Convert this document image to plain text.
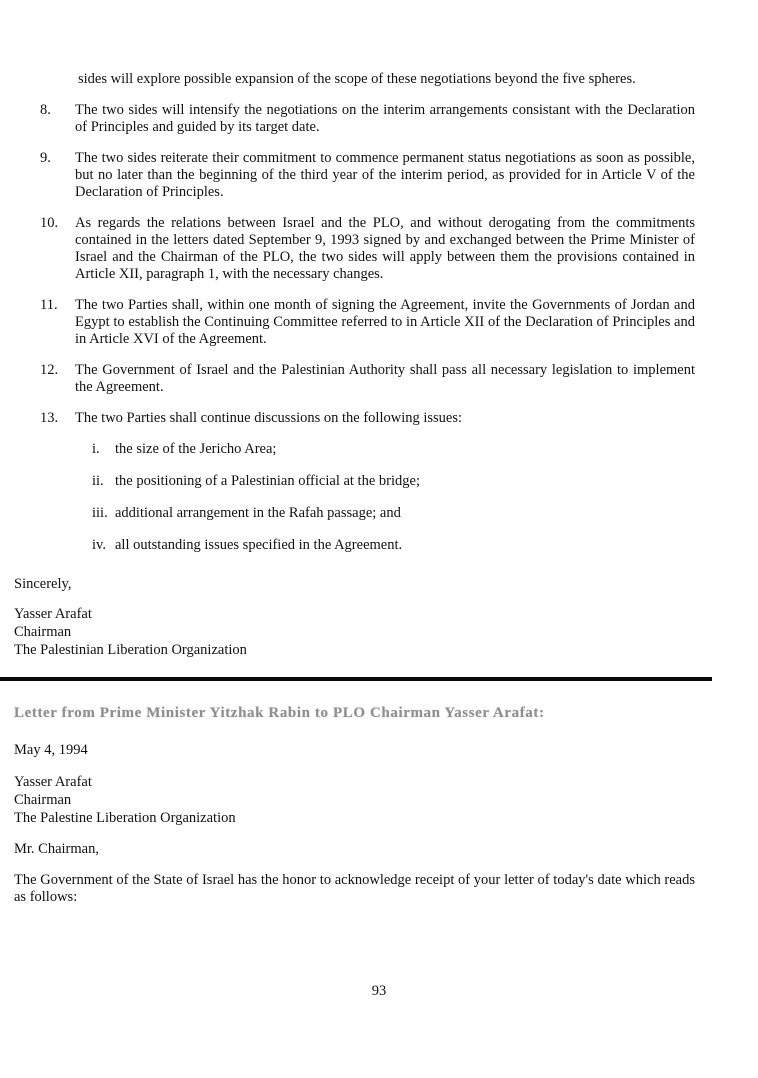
sides will explore possible expansion of the scope of these negotiations beyond the five spheres.

8. The two sides will intensify the negotiations on the interim arrangements consistant with the Declaration of Principles and guided by its target date.
9. The two sides reiterate their commitment to commence permanent status negotiations as soon as possible, but no later than the beginning of the third year of the interim period, as provided for in Article V of the Declaration of Principles.
10. As regards the relations between Israel and the PLO, and without derogating from the commitments contained in the letters dated September 9, 1993 signed by and exchanged between the Prime Minister of Israel and the Chairman of the PLO, the two sides will apply between them the provisions contained in Article XII, paragraph 1, with the necessary changes.
11. The two Parties shall, within one month of signing the Agreement, invite the Governments of Jordan and Egypt to establish the Continuing Committee referred to in Article XII of the Declaration of Principles and in Article XVI of the Agreement.
12. The Government of Israel and the Palestinian Authority shall pass all necessary legislation to implement the Agreement.
13. The two Parties shall continue discussions on the following issues:
i. the size of the Jericho Area;
ii. the positioning of a Palestinian official at the bridge;
iii. additional arrangement in the Rafah passage; and
iv. all outstanding issues specified in the Agreement.

Sincerely,

Yasser Arafat

Chairman

The Palestinian Liberation Organization

Letter from Prime Minister Yitzhak Rabin to PLO Chairman Yasser Arafat:

May 4, 1994

Yasser Arafat

Chairman

The Palestine Liberation Organization

Mr. Chairman,

The Government of the State of Israel has the honor to acknowledge receipt of your letter of today's date which reads as follows:

93
